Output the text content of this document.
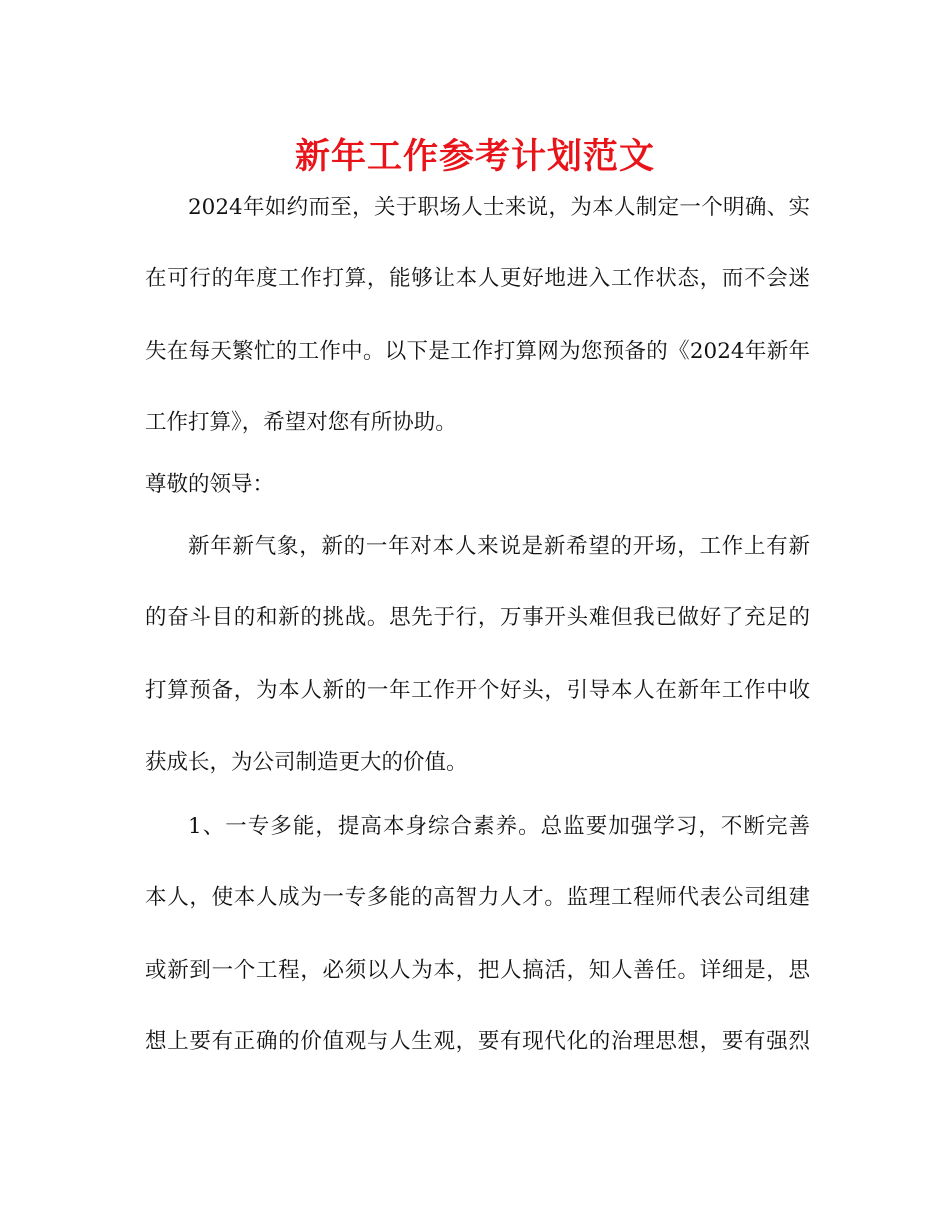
新年工作参考计划范文
2024年如约而至，关于职场人士来说，为本人制定一个明确、实
在可行的年度工作打算，能够让本人更好地进入工作状态，而不会迷
失在每天繁忙的工作中。以下是工作打算网为您预备的《2024年新年
工作打算》，希望对您有所协助。
尊敬的领导：
新年新气象，新的一年对本人来说是新希望的开场，工作上有新
的奋斗目的和新的挑战。思先于行，万事开头难但我已做好了充足的
打算预备，为本人新的一年工作开个好头，引导本人在新年工作中收
获成长，为公司制造更大的价值。
1、一专多能，提高本身综合素养。总监要加强学习，不断完善
本人，使本人成为一专多能的高智力人才。监理工程师代表公司组建
或新到一个工程，必须以人为本，把人搞活，知人善任。详细是，思
想上要有正确的价值观与人生观，要有现代化的治理思想，要有强烈
